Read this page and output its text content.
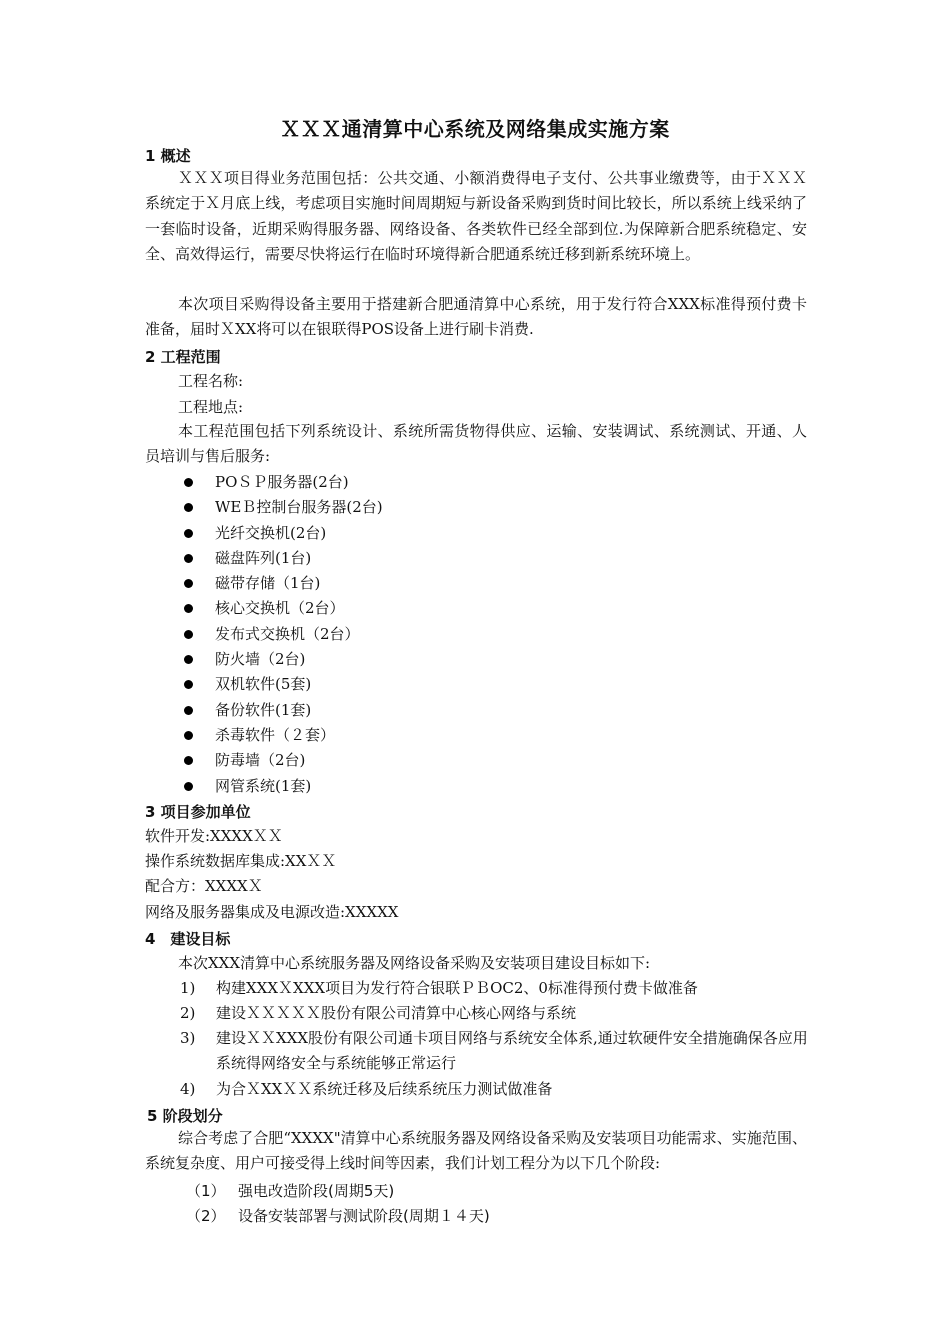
ＸＸＸ通清算中心系统及网络集成实施方案
1 概述
ＸＸＸ项目得业务范围包括：公共交通、小额消费得电子支付、公共事业缴费等，由于ＸＸＸ系统定于Ｘ月底上线，考虑项目实施时间周期短与新设备采购到货时间比较长，所以系统上线采纳了一套临时设备，近期采购得服务器、网络设备、各类软件已经全部到位.为保障新合肥系统稳定、安全、高效得运行，需要尽快将运行在临时环境得新合肥通系统迁移到新系统环境上。
本次项目采购得设备主要用于搭建新合肥通清算中心系统，用于发行符合XXX标准得预付费卡准备，届时ＸXX将可以在银联得POS设备上进行刷卡消费.
2 工程范围
工程名称:
工程地点:
本工程范围包括下列系统设计、系统所需货物得供应、运输、安装调试、系统测试、开通、人员培训与售后服务:
POＳＰ服务器(2台)
WEＢ控制台服务器(2台)
光纤交换机(2台)
磁盘阵列(1台)
磁带存储（1台)
核心交换机（2台）
发布式交换机（2台）
防火墙（2台)
双机软件(5套)
备份软件(1套)
杀毒软件（２套）
防毒墙（2台)
网管系统(1套)
3 项目参加单位
软件开发:XXXXＸＸ
操作系统数据库集成:XXＸＸ
配合方：XXXXＸ
网络及服务器集成及电源改造:XXXXX
4　建设目标
本次XXX清算中心系统服务器及网络设备采购及安装项目建设目标如下:
1) 构建XXXＸXXX项目为发行符合银联ＰＢOC2、0标准得预付费卡做准备
2) 建设ＸＸＸＸＸ股份有限公司清算中心核心网络与系统
3) 建设ＸＸXXX股份有限公司通卡项目网络与系统安全体系,通过软硬件安全措施确保各应用系统得网络安全与系统能够正常运行
4) 为合ＸXXＸＸ系统迁移及后续系统压力测试做准备
5 阶段划分
综合考虑了合肥“XXXX"清算中心系统服务器及网络设备采购及安装项目功能需求、实施范围、系统复杂度、用户可接受得上线时间等因素，我们计划工程分为以下几个阶段:
（1） 强电改造阶段(周期5天)
（2） 设备安装部署与测试阶段(周期１４天)
